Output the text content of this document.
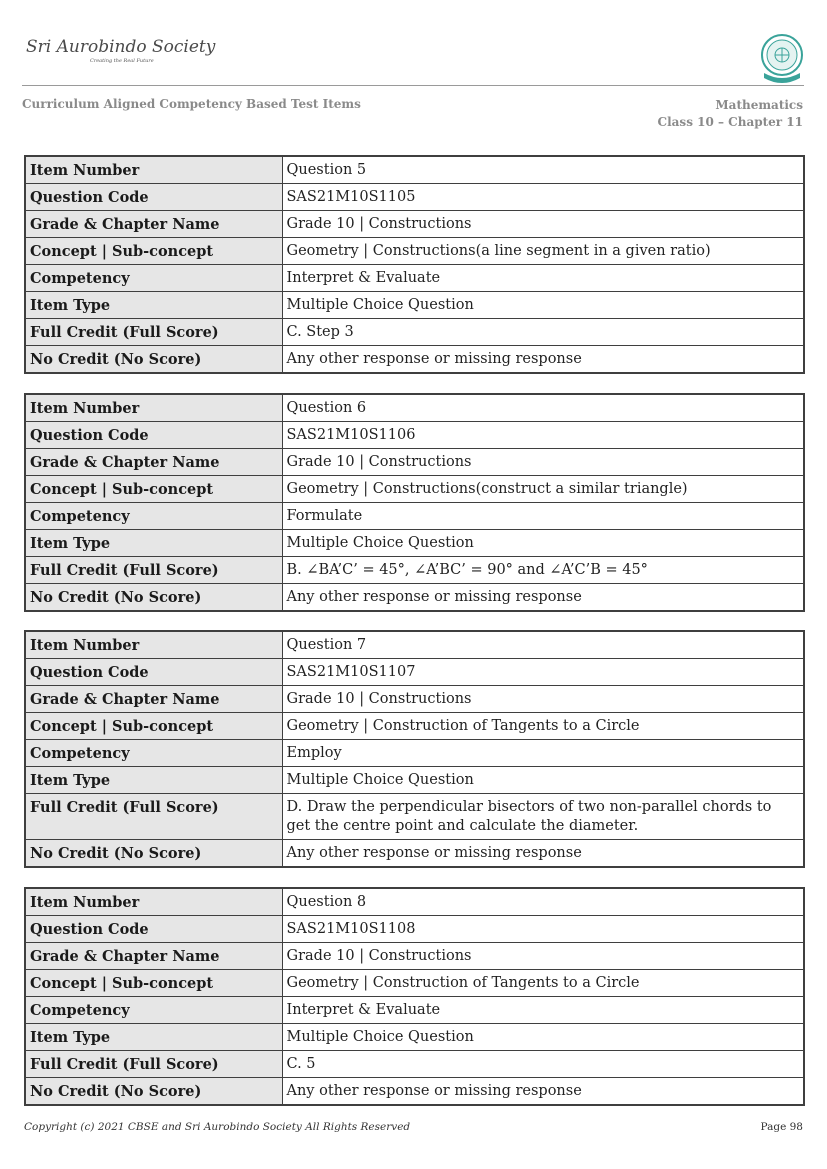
Sri Aurobindo Society
Creating the Real Future
Curriculum Aligned Competency Based Test Items	Mathematics
Class 10 – Chapter 11
Item Number	Question 5
Question Code	SAS21M10S1105
Grade & Chapter Name	Grade 10 | Constructions
Concept | Sub-concept	Geometry | Constructions(a line segment in a given ratio)
Competency	Interpret & Evaluate
Item Type	Multiple Choice Question
Full Credit (Full Score)	C. Step 3
No Credit (No Score)	Any other response or missing response
Item Number	Question 6
Question Code	SAS21M10S1106
Grade & Chapter Name	Grade 10 | Constructions
Concept | Sub-concept	Geometry | Constructions(construct a similar triangle)
Competency	Formulate
Item Type	Multiple Choice Question
Full Credit (Full Score)	B. ∠BA’C’ = 45°, ∠A’BC’ = 90° and ∠A’C’B = 45°
No Credit (No Score)	Any other response or missing response
Item Number	Question 7
Question Code	SAS21M10S1107
Grade & Chapter Name	Grade 10 | Constructions
Concept | Sub-concept	Geometry | Construction of Tangents to a Circle
Competency	Employ
Item Type	Multiple Choice Question
Full Credit (Full Score)	D. Draw the perpendicular bisectors of two non-parallel chords to get the centre point and calculate the diameter.
No Credit (No Score)	Any other response or missing response
Item Number	Question 8
Question Code	SAS21M10S1108
Grade & Chapter Name	Grade 10 | Constructions
Concept | Sub-concept	Geometry | Construction of Tangents to a Circle
Competency	Interpret & Evaluate
Item Type	Multiple Choice Question
Full Credit (Full Score)	C. 5
No Credit (No Score)	Any other response or missing response
Copyright (c) 2021 CBSE and Sri Aurobindo Society All Rights Reserved	Page 98
